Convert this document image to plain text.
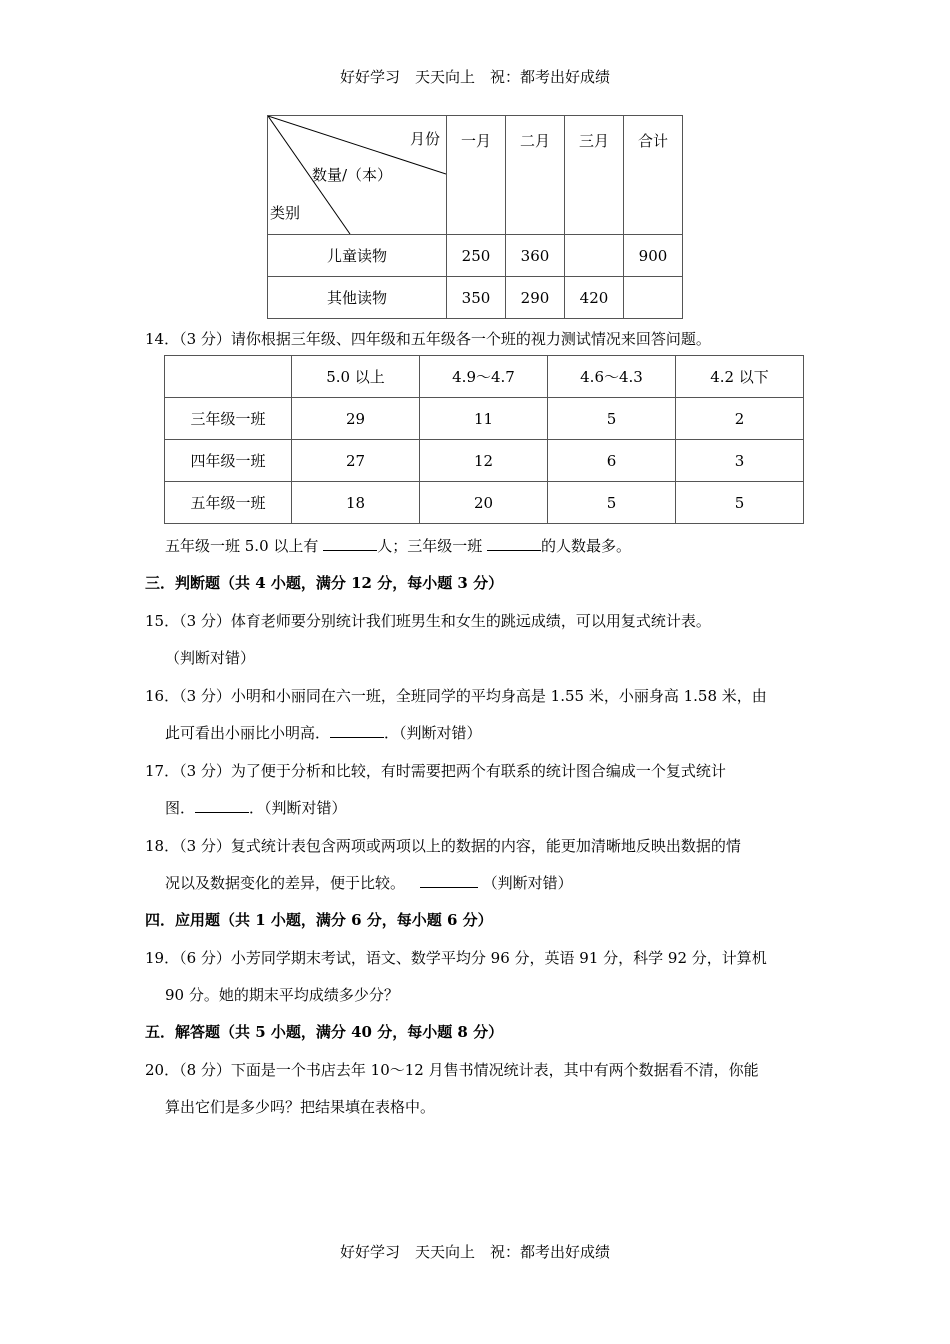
好好学习　天天向上　祝：都考出好成绩
月份
数量/（本）
类别	一月	二月	三月	合计
儿童读物	250	360		900
其他读物	350	290	420	
14．（3 分）请你根据三年级、四年级和五年级各一个班的视力测试情况来回答问题。
	5.0 以上	4.9～4.7	4.6～4.3	4.2 以下
三年级一班	29	11	5	2
四年级一班	27	12	6	3
五年级一班	18	20	5	5
五年级一班 5.0 以上有	人；三年级一班	的人数最多。
三．判断题（共 4 小题，满分 12 分，每小题 3 分）
15．（3 分）体育老师要分别统计我们班男生和女生的跳远成绩，可以用复式统计表。
（判断对错）
16．（3 分）小明和小丽同在六一班，全班同学的平均身高是 1.55 米，小丽身高 1.58 米，由
此可看出小丽比小明高．	．（判断对错）
17．（3 分）为了便于分析和比较，有时需要把两个有联系的统计图合编成一个复式统计
图．	．（判断对错）
18．（3 分）复式统计表包含两项或两项以上的数据的内容，能更加清晰地反映出数据的情
况以及数据变化的差异，便于比较。	（判断对错）
四．应用题（共 1 小题，满分 6 分，每小题 6 分）
19．（6 分）小芳同学期末考试，语文、数学平均分 96 分，英语 91 分，科学 92 分，计算机
90 分。她的期末平均成绩多少分？
五．解答题（共 5 小题，满分 40 分，每小题 8 分）
20．（8 分）下面是一个书店去年 10～12 月售书情况统计表，其中有两个数据看不清，你能
算出它们是多少吗？把结果填在表格中。
好好学习　天天向上　祝：都考出好成绩
